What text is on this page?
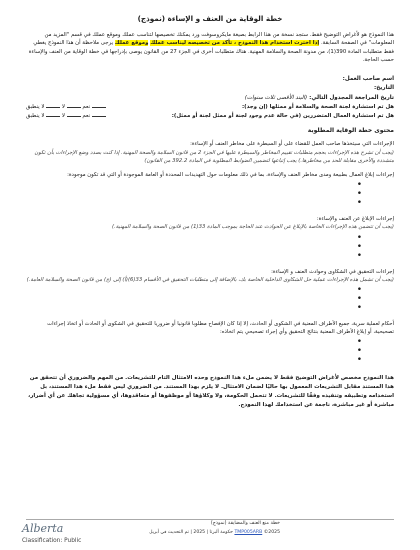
خطة الوقاية من العنف و الإساءة (نموذج)
هذا النموذج هو لأغراض التوضيح فقط. ستجد نسخة من هذا الرابط بصيغة مايكروسوفت ورد يمكنك تخصيصها لتناسب عملك وموقع عملك في قسم "المزيد من المعلومات" في الصفحة السابقة. إذا اخترت استخدام هذا النموذج ، تأكد من تخصيصه ليناسب عملك وموقع عملك يرجى ملاحظة أن هذا النموذج يغطي فقط متطلبات المادة 390(1)، من مدونة الصحة والسلامة المهنية. هناك متطلبات أخرى في الجزء 27 من القانون يوصى بإدراجها في خطة الوقاية من العنف والإساءة حسب الحاجة.
اسم صاحب العمل:
التاريخ:
تاريخ المراجعة المجدول التالي: (البند الأقصى ثلاث سنوات)
هل تم استشارة لجنة الصحة والسلامة أو ممثلها (إن وجد):
نعم  لا  لا ينطبق
هل تم استشارة العمال المتضررين (في حالة عدم وجود لجنة أو ممثل لجنة أو ممثل):
نعم  لا  لا ينطبق
محتوى خطة الوقاية المطلوبة
الإجراءات التي سيتخذها صاحب العمل للقضاء على أو السيطرة على مخاطر العنف أو الإساءة:
(يجب أن تشرح هذه الإجراءات بحجم متطلبات تقييم المخاطر والسيطرة عليها في الجزء 2 من قانون السلامة والصحة المهنية. إذا كنت بصدد وضع الإجراءات بأن تكون متشددة والأخرى مقابلة للحد من مخاطرها.) يجب إتباعها لتضمين الضوابط المطلوبة في المادة 392.2 من القانون)
إجراءات إبلاغ العمال بطبيعة ومدى مخاطر العنف والإساءة، بما في ذلك معلومات حول التهديدات المحددة أو العامة الموجودة أو التي قد تكون موجودة:
•
•
•
إجراءات الإبلاغ عن العنف والإساءة:
(يجب أن تتضمن هذه الإجراءات الخاصة بالإبلاغ عن الحوادث عند الحاجة بموجب المادة 33(1) من قانون الصحة والسلامة المهنية.)
•
•
•
إجراءات التحقيق في الشكاوى وحوادث العنف و الإساءة:
(يجب أن تشمل هذه الإجراءات عملية حل الشكاوى الداخلية الخاصة بك، بالإضافة إلى متطلبات التحقيق في الأقسام 33(6)(أ) إلى (ج) من قانون الصحة والسلامة العامة.)
•
•
•
أحكام لعملية سرية، جميع الأطراف المعنية في الشكوى أو الحادث، إلا إذا كان الإفصاح مطلوبا قانونيا أو ضروريا للتحقيق في الشكوى أو الحادث أو اتخاذ إجراءات تصحيحية، أو إبلاغ الأطراف المعنية بنتائج التحقيق وأي إجراء تصحيحي يتم اتخاذه:
•
•
•
هذا النموذج مخصص لأغراض التوضيح فقط لا يضمن ملء هذا النموذج وحده الامتثال التام للتشريعات. من المهم والضروري أن تتحقق من هذا المستند مقابل التشريعات المعمول بها حاليًا لضمان الامتثال. لا يلزم بهذا المستند. من الضروري ليس فقط ملء هذا المستند، بل استخدامه وتطبيقه وتنفيذه وفقًا للتشريعات. لا تتحمل الحكومة، ولا وكلاؤها أو موظفوها أو متعاقدوها، أي مسؤولية تجاهك عن أي أضرار، مباشرة أو غير مباشرة، ناجمة عن استخدامك لهذا النموذج.
Alberta
Classification: Public
خطة منع العنف والمضايقة (نموذج)
TMP005ARB ©2025 حكومة ألبرتا | 2025 | تم التحديث في أبريل
